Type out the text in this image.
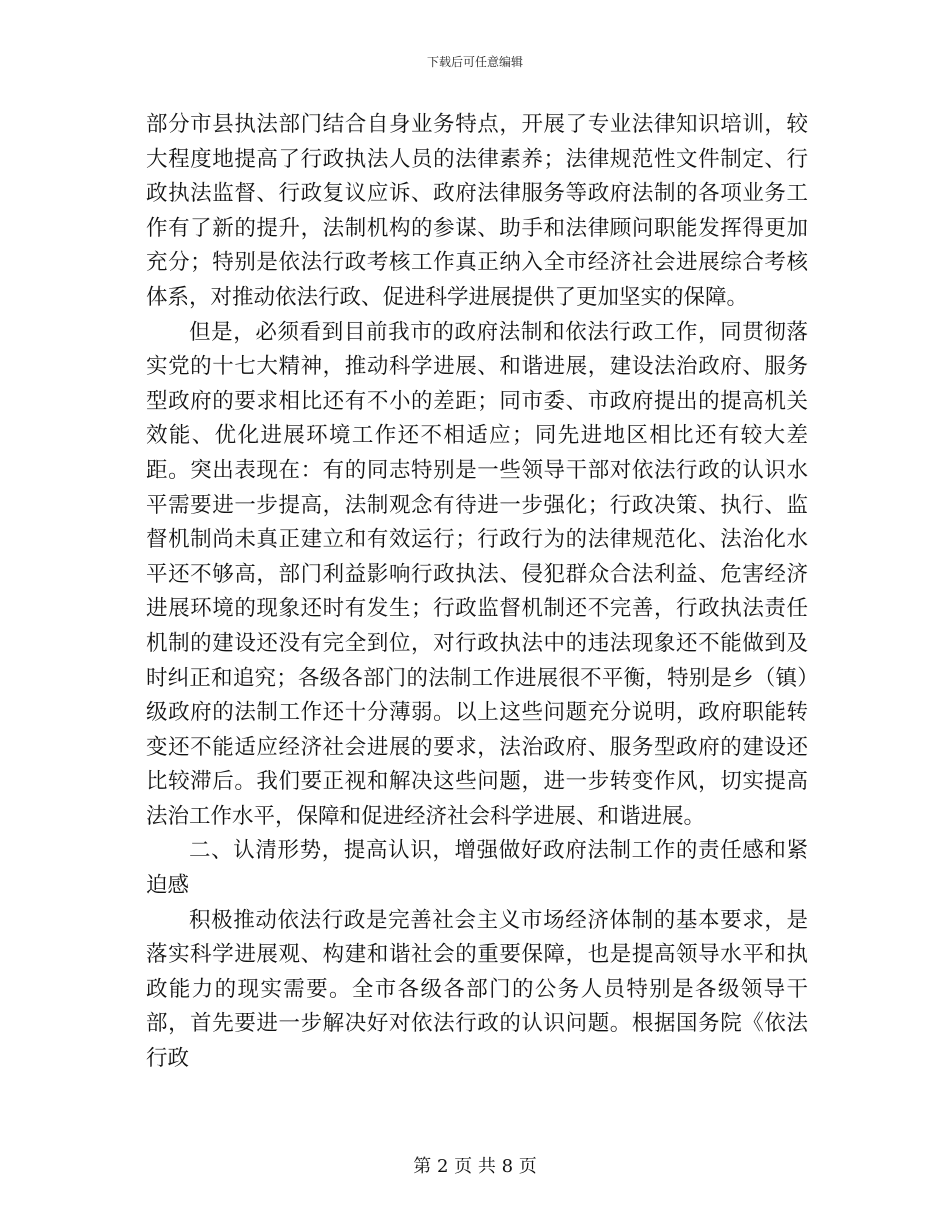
下载后可任意编辑

部分市县执法部门结合自身业务特点，开展了专业法律知识培训，较大程度地提高了行政执法人员的法律素养；法律规范性文件制定、行政执法监督、行政复议应诉、政府法律服务等政府法制的各项业务工作有了新的提升，法制机构的参谋、助手和法律顾问职能发挥得更加充分；特别是依法行政考核工作真正纳入全市经济社会进展综合考核体系，对推动依法行政、促进科学进展提供了更加坚实的保障。

但是，必须看到目前我市的政府法制和依法行政工作，同贯彻落实党的十七大精神，推动科学进展、和谐进展，建设法治政府、服务型政府的要求相比还有不小的差距；同市委、市政府提出的提高机关效能、优化进展环境工作还不相适应；同先进地区相比还有较大差距。突出表现在：有的同志特别是一些领导干部对依法行政的认识水平需要进一步提高，法制观念有待进一步强化；行政决策、执行、监督机制尚未真正建立和有效运行；行政行为的法律规范化、法治化水平还不够高，部门利益影响行政执法、侵犯群众合法利益、危害经济进展环境的现象还时有发生；行政监督机制还不完善，行政执法责任机制的建设还没有完全到位，对行政执法中的违法现象还不能做到及时纠正和追究；各级各部门的法制工作进展很不平衡，特别是乡（镇）级政府的法制工作还十分薄弱。以上这些问题充分说明，政府职能转变还不能适应经济社会进展的要求，法治政府、服务型政府的建设还比较滞后。我们要正视和解决这些问题，进一步转变作风，切实提高法治工作水平，保障和促进经济社会科学进展、和谐进展。

二、认清形势，提高认识，增强做好政府法制工作的责任感和紧迫感

积极推动依法行政是完善社会主义市场经济体制的基本要求，是落实科学进展观、构建和谐社会的重要保障，也是提高领导水平和执政能力的现实需要。全市各级各部门的公务人员特别是各级领导干部，首先要进一步解决好对依法行政的认识问题。根据国务院《依法行政

第 2 页 共 8 页
